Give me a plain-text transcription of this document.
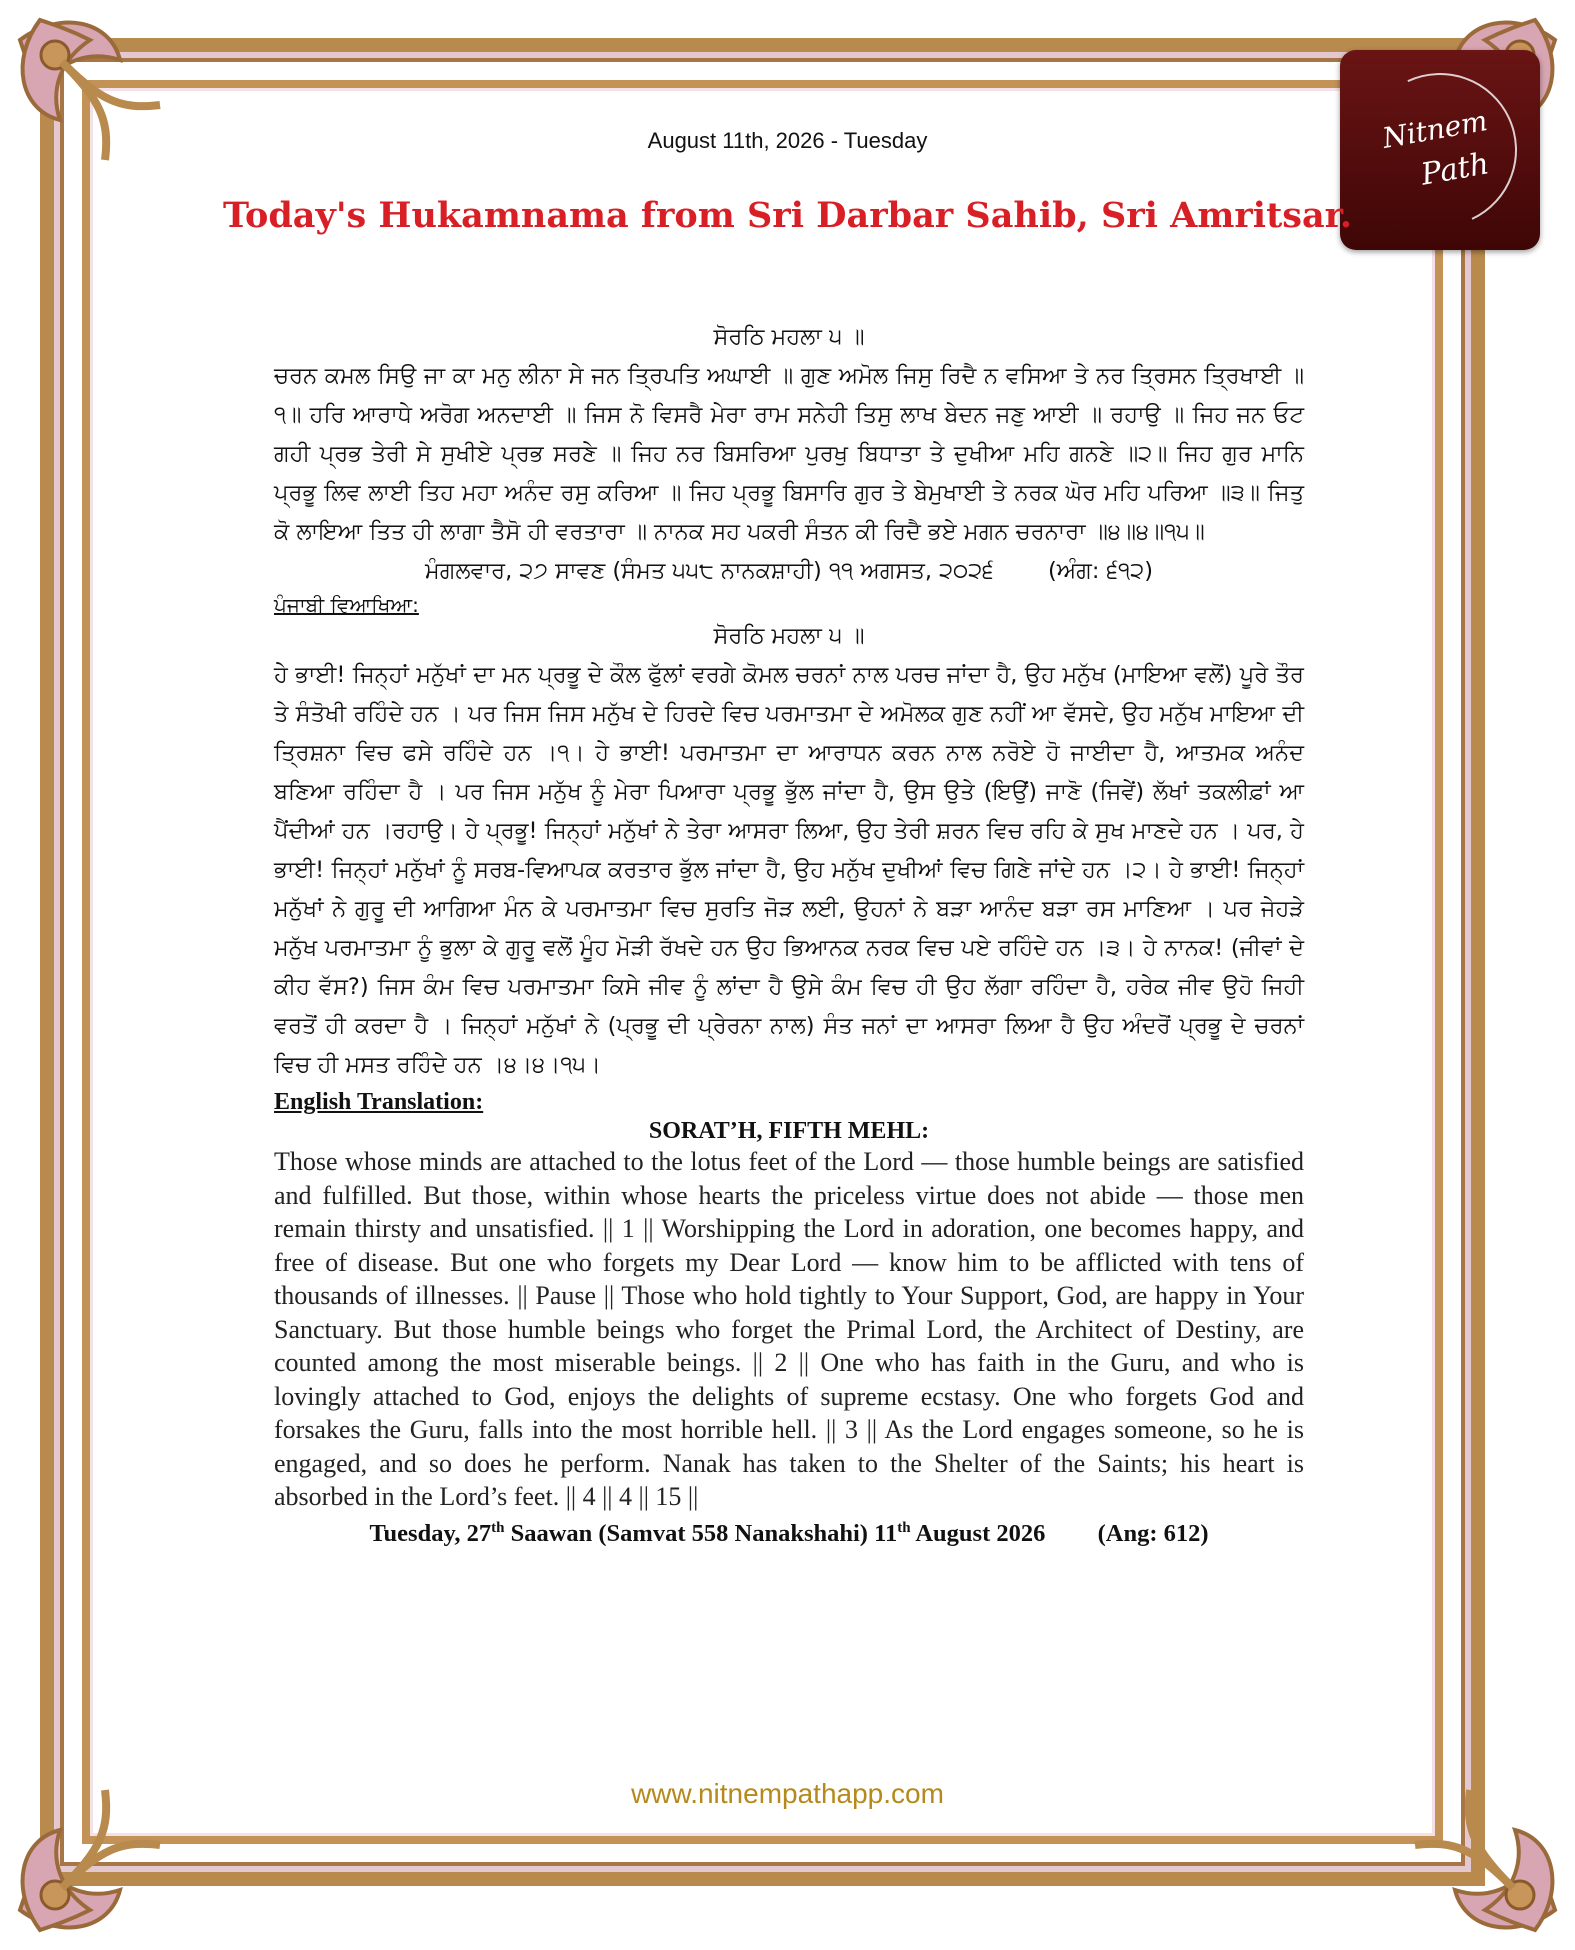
Nitnem
Path
August 11th, 2026 - Tuesday
Today's Hukamnama from Sri Darbar Sahib, Sri Amritsar.
ਸੋਰਠਿ ਮਹਲਾ ੫ ॥
ਚਰਨ ਕਮਲ ਸਿਉ ਜਾ ਕਾ ਮਨੁ ਲੀਨਾ ਸੇ ਜਨ ਤ੍ਰਿਪਤਿ ਅਘਾਈ ॥ ਗੁਣ ਅਮੋਲ ਜਿਸੁ ਰਿਦੈ ਨ ਵਸਿਆ ਤੇ ਨਰ ਤ੍ਰਿਸਨ ਤ੍ਰਿਖਾਈ ॥੧॥ ਹਰਿ ਆਰਾਧੇ ਅਰੋਗ ਅਨਦਾਈ ॥ ਜਿਸ ਨੋ ਵਿਸਰੈ ਮੇਰਾ ਰਾਮ ਸਨੇਹੀ ਤਿਸੁ ਲਾਖ ਬੇਦਨ ਜਣੁ ਆਈ ॥ ਰਹਾਉ ॥ ਜਿਹ ਜਨ ਓਟ ਗਹੀ ਪ੍ਰਭ ਤੇਰੀ ਸੇ ਸੁਖੀਏ ਪ੍ਰਭ ਸਰਣੇ ॥ ਜਿਹ ਨਰ ਬਿਸਰਿਆ ਪੁਰਖੁ ਬਿਧਾਤਾ ਤੇ ਦੁਖੀਆ ਮਹਿ ਗਨਣੇ ॥੨॥ ਜਿਹ ਗੁਰ ਮਾਨਿ ਪ੍ਰਭੂ ਲਿਵ ਲਾਈ ਤਿਹ ਮਹਾ ਅਨੰਦ ਰਸੁ ਕਰਿਆ ॥ ਜਿਹ ਪ੍ਰਭੂ ਬਿਸਾਰਿ ਗੁਰ ਤੇ ਬੇਮੁਖਾਈ ਤੇ ਨਰਕ ਘੋਰ ਮਹਿ ਪਰਿਆ ॥੩॥ ਜਿਤੁ ਕੋ ਲਾਇਆ ਤਿਤ ਹੀ ਲਾਗਾ ਤੈਸੋ ਹੀ ਵਰਤਾਰਾ ॥ ਨਾਨਕ ਸਹ ਪਕਰੀ ਸੰਤਨ ਕੀ ਰਿਦੈ ਭਏ ਮਗਨ ਚਰਨਾਰਾ ॥੪॥੪॥੧੫॥
ਮੰਗਲਵਾਰ, ੨੭ ਸਾਵਣ (ਸੰਮਤ ੫੫੮ ਨਾਨਕਸ਼ਾਹੀ) ੧੧ ਅਗਸਤ, ੨੦੨੬ (ਅੰਗ: ੬੧੨)
ਪੰਜਾਬੀ ਵਿਆਖਿਆ:
ਸੋਰਠਿ ਮਹਲਾ ੫ ॥
ਹੇ ਭਾਈ! ਜਿਨ੍ਹਾਂ ਮਨੁੱਖਾਂ ਦਾ ਮਨ ਪ੍ਰਭੂ ਦੇ ਕੌਲ ਫੁੱਲਾਂ ਵਰਗੇ ਕੋਮਲ ਚਰਨਾਂ ਨਾਲ ਪਰਚ ਜਾਂਦਾ ਹੈ, ਉਹ ਮਨੁੱਖ (ਮਾਇਆ ਵਲੋਂ) ਪੂਰੇ ਤੌਰ ਤੇ ਸੰਤੋਖੀ ਰਹਿੰਦੇ ਹਨ । ਪਰ ਜਿਸ ਜਿਸ ਮਨੁੱਖ ਦੇ ਹਿਰਦੇ ਵਿਚ ਪਰਮਾਤਮਾ ਦੇ ਅਮੋਲਕ ਗੁਣ ਨਹੀਂ ਆ ਵੱਸਦੇ, ਉਹ ਮਨੁੱਖ ਮਾਇਆ ਦੀ ਤ੍ਰਿਸ਼ਨਾ ਵਿਚ ਫਸੇ ਰਹਿੰਦੇ ਹਨ ।੧। ਹੇ ਭਾਈ! ਪਰਮਾਤਮਾ ਦਾ ਆਰਾਧਨ ਕਰਨ ਨਾਲ ਨਰੋਏ ਹੋ ਜਾਈਦਾ ਹੈ, ਆਤਮਕ ਅਨੰਦ ਬਣਿਆ ਰਹਿੰਦਾ ਹੈ । ਪਰ ਜਿਸ ਮਨੁੱਖ ਨੂੰ ਮੇਰਾ ਪਿਆਰਾ ਪ੍ਰਭੂ ਭੁੱਲ ਜਾਂਦਾ ਹੈ, ਉਸ ਉਤੇ (ਇਉਂ) ਜਾਣੋ (ਜਿਵੇਂ) ਲੱਖਾਂ ਤਕਲੀਫ਼ਾਂ ਆ ਪੈਂਦੀਆਂ ਹਨ ।ਰਹਾਉ। ਹੇ ਪ੍ਰਭੂ! ਜਿਨ੍ਹਾਂ ਮਨੁੱਖਾਂ ਨੇ ਤੇਰਾ ਆਸਰਾ ਲਿਆ, ਉਹ ਤੇਰੀ ਸ਼ਰਨ ਵਿਚ ਰਹਿ ਕੇ ਸੁਖ ਮਾਣਦੇ ਹਨ । ਪਰ, ਹੇ ਭਾਈ! ਜਿਨ੍ਹਾਂ ਮਨੁੱਖਾਂ ਨੂੰ ਸਰਬ-ਵਿਆਪਕ ਕਰਤਾਰ ਭੁੱਲ ਜਾਂਦਾ ਹੈ, ਉਹ ਮਨੁੱਖ ਦੁਖੀਆਂ ਵਿਚ ਗਿਣੇ ਜਾਂਦੇ ਹਨ ।੨। ਹੇ ਭਾਈ! ਜਿਨ੍ਹਾਂ ਮਨੁੱਖਾਂ ਨੇ ਗੁਰੂ ਦੀ ਆਗਿਆ ਮੰਨ ਕੇ ਪਰਮਾਤਮਾ ਵਿਚ ਸੁਰਤਿ ਜੋੜ ਲਈ, ਉਹਨਾਂ ਨੇ ਬੜਾ ਆਨੰਦ ਬੜਾ ਰਸ ਮਾਣਿਆ । ਪਰ ਜੇਹੜੇ ਮਨੁੱਖ ਪਰਮਾਤਮਾ ਨੂੰ ਭੁਲਾ ਕੇ ਗੁਰੂ ਵਲੋਂ ਮੂੰਹ ਮੋੜੀ ਰੱਖਦੇ ਹਨ ਉਹ ਭਿਆਨਕ ਨਰਕ ਵਿਚ ਪਏ ਰਹਿੰਦੇ ਹਨ ।੩। ਹੇ ਨਾਨਕ! (ਜੀਵਾਂ ਦੇ ਕੀਹ ਵੱਸ?) ਜਿਸ ਕੰਮ ਵਿਚ ਪਰਮਾਤਮਾ ਕਿਸੇ ਜੀਵ ਨੂੰ ਲਾਂਦਾ ਹੈ ਉਸੇ ਕੰਮ ਵਿਚ ਹੀ ਉਹ ਲੱਗਾ ਰਹਿੰਦਾ ਹੈ, ਹਰੇਕ ਜੀਵ ਉਹੋ ਜਿਹੀ ਵਰਤੋਂ ਹੀ ਕਰਦਾ ਹੈ । ਜਿਨ੍ਹਾਂ ਮਨੁੱਖਾਂ ਨੇ (ਪ੍ਰਭੂ ਦੀ ਪ੍ਰੇਰਨਾ ਨਾਲ) ਸੰਤ ਜਨਾਂ ਦਾ ਆਸਰਾ ਲਿਆ ਹੈ ਉਹ ਅੰਦਰੋਂ ਪ੍ਰਭੂ ਦੇ ਚਰਨਾਂ ਵਿਚ ਹੀ ਮਸਤ ਰਹਿੰਦੇ ਹਨ ।੪।੪।੧੫।
English Translation:
SORAT’H, FIFTH MEHL:
Those whose minds are attached to the lotus feet of the Lord — those humble beings are satisfied and fulfilled. But those, within whose hearts the priceless virtue does not abide — those men remain thirsty and unsatisfied. || 1 || Worshipping the Lord in adoration, one becomes happy, and free of disease. But one who forgets my Dear Lord — know him to be afflicted with tens of thousands of illnesses. || Pause || Those who hold tightly to Your Support, God, are happy in Your Sanctuary. But those humble beings who forget the Primal Lord, the Architect of Destiny, are counted among the most miserable beings. || 2 || One who has faith in the Guru, and who is lovingly attached to God, enjoys the delights of supreme ecstasy. One who forgets God and forsakes the Guru, falls into the most horrible hell. || 3 || As the Lord engages someone, so he is engaged, and so does he perform. Nanak has taken to the Shelter of the Saints; his heart is absorbed in the Lord’s feet. || 4 || 4 || 15 ||
Tuesday, 27th Saawan (Samvat 558 Nanakshahi) 11th August 2026 (Ang: 612)
www.nitnempathapp.com
